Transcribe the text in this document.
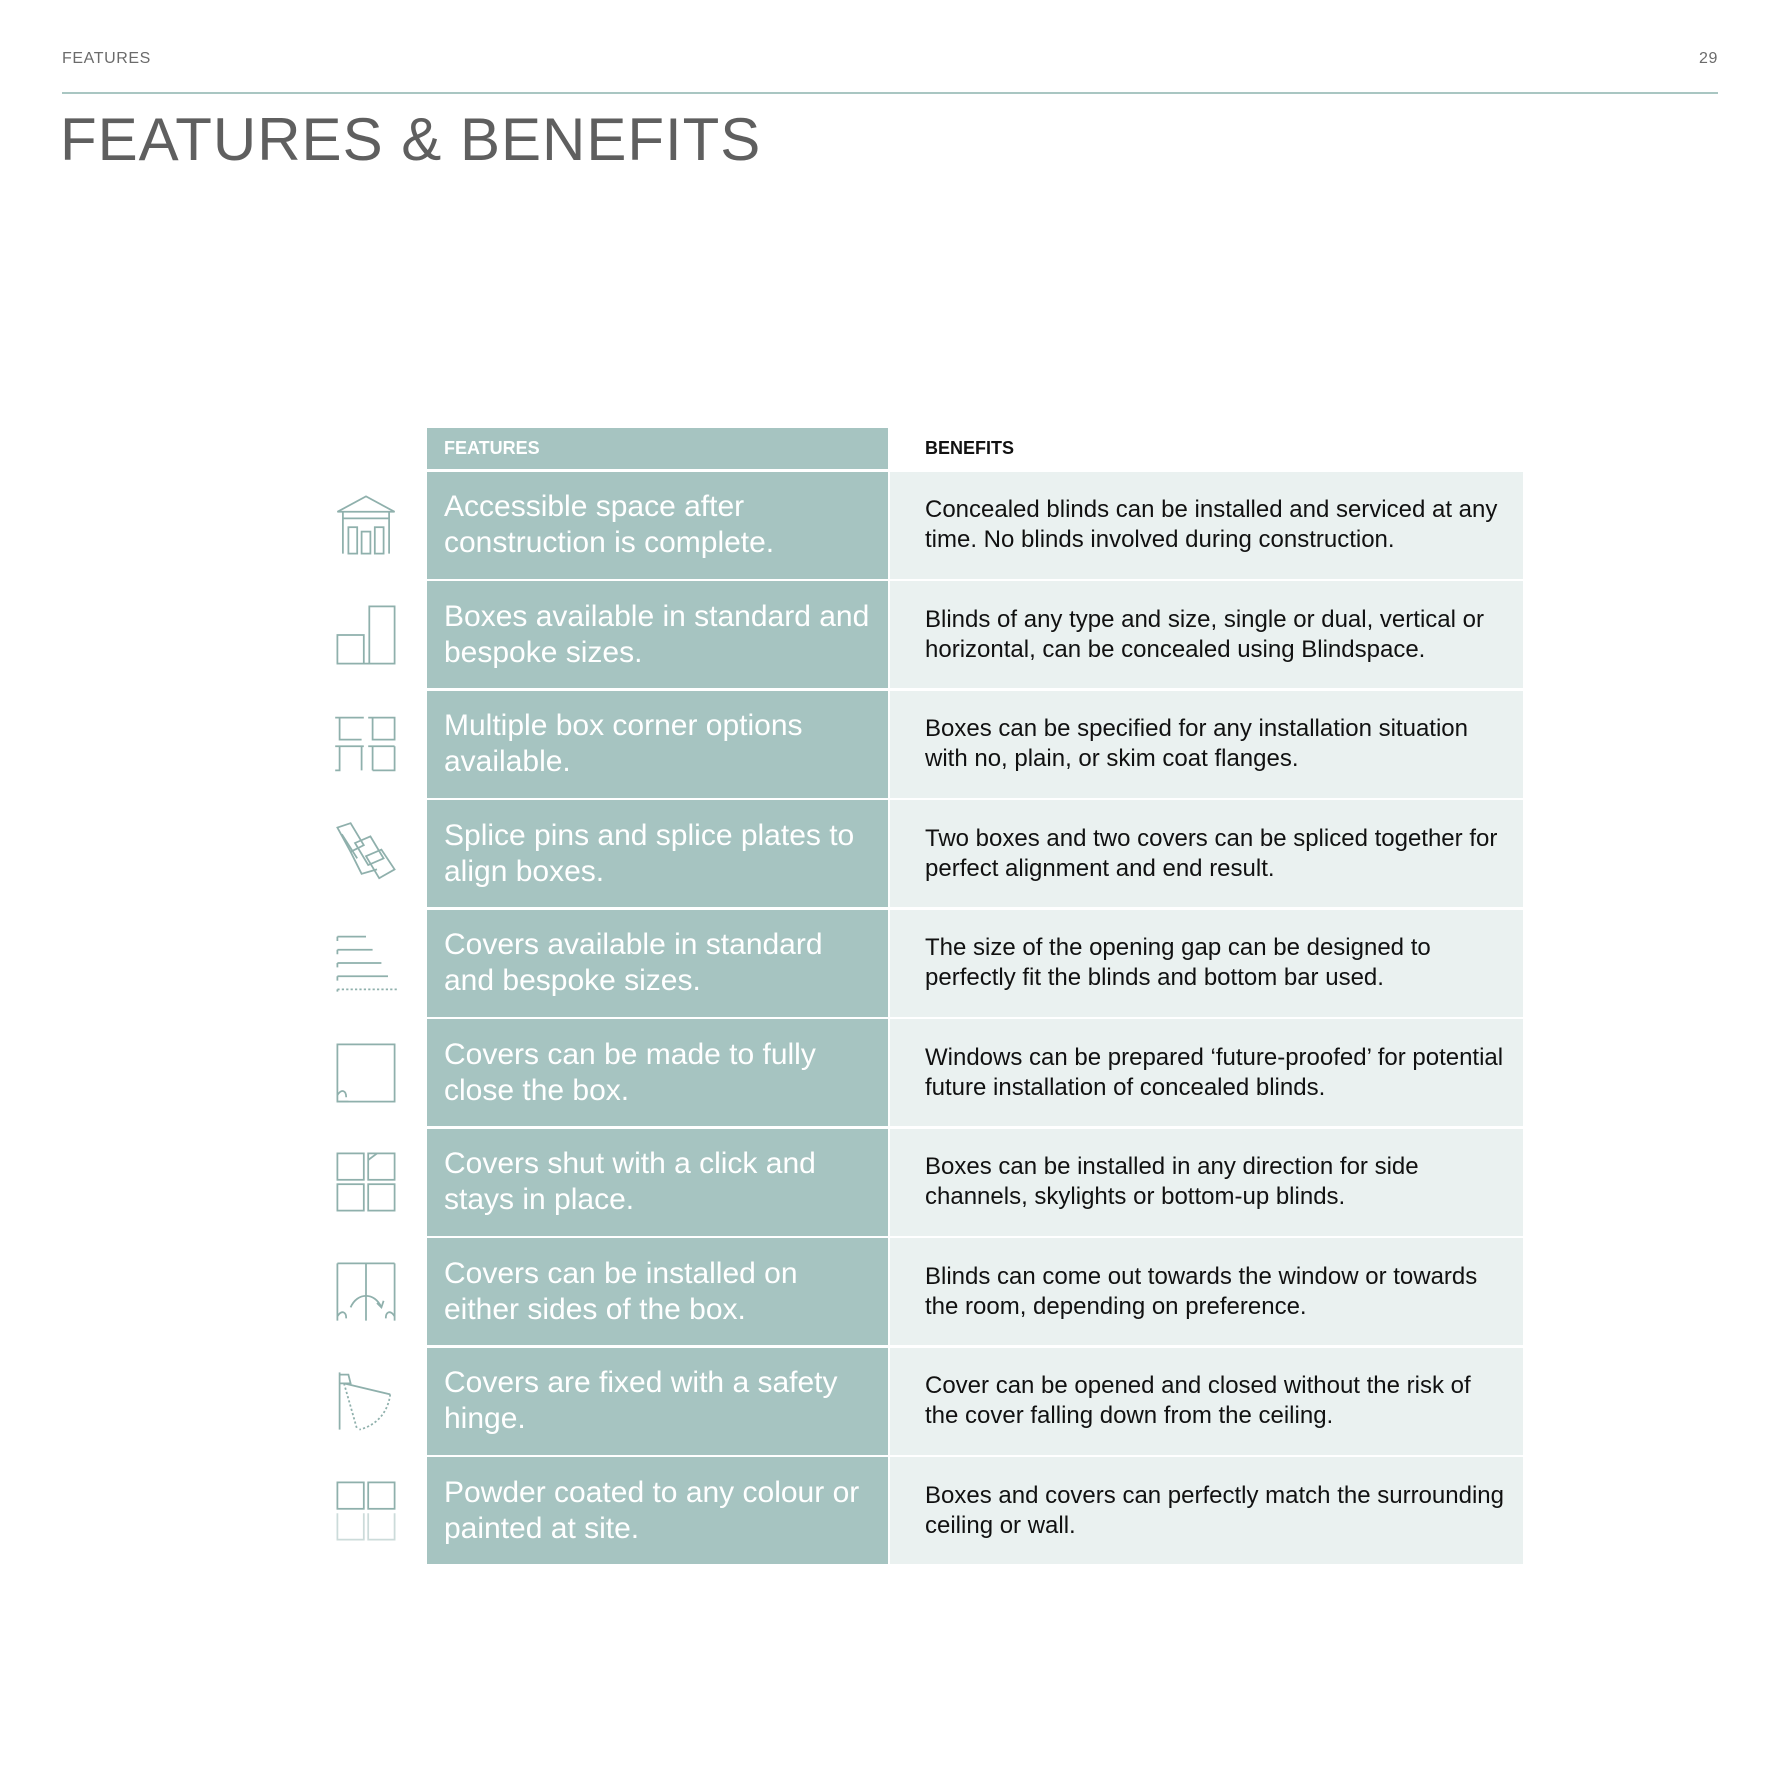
FEATURES	29
FEATURES & BENEFITS
FEATURES	BENEFITS
Accessible space after construction is complete.
Concealed blinds can be installed and serviced at any time. No blinds involved during construction.
Boxes available in standard and bespoke sizes.
Blinds of any type and size, single or dual, vertical or horizontal, can be concealed using Blindspace.
Multiple box corner options available.
Boxes can be specified for any installation situation with no, plain, or skim coat flanges.
Splice pins and splice plates to align boxes.
Two boxes and two covers can be spliced together for perfect alignment and end result.
Covers available in standard and bespoke sizes.
The size of the opening gap can be designed to perfectly fit the blinds and bottom bar used.
Covers can be made to fully close the box.
Windows can be prepared ‘future-proofed’ for potential future installation of concealed blinds.
Covers shut with a click and stays in place.
Boxes can be installed in any direction for side channels, skylights or bottom-up blinds.
Covers can be installed on either sides of the box.
Blinds can come out towards the window or towards the room, depending on preference.
Covers are fixed with a safety hinge.
Cover can be opened and closed without the risk of the cover falling down from the ceiling.
Powder coated to any colour or painted at site.
Boxes and covers can perfectly match the surrounding ceiling or wall.
